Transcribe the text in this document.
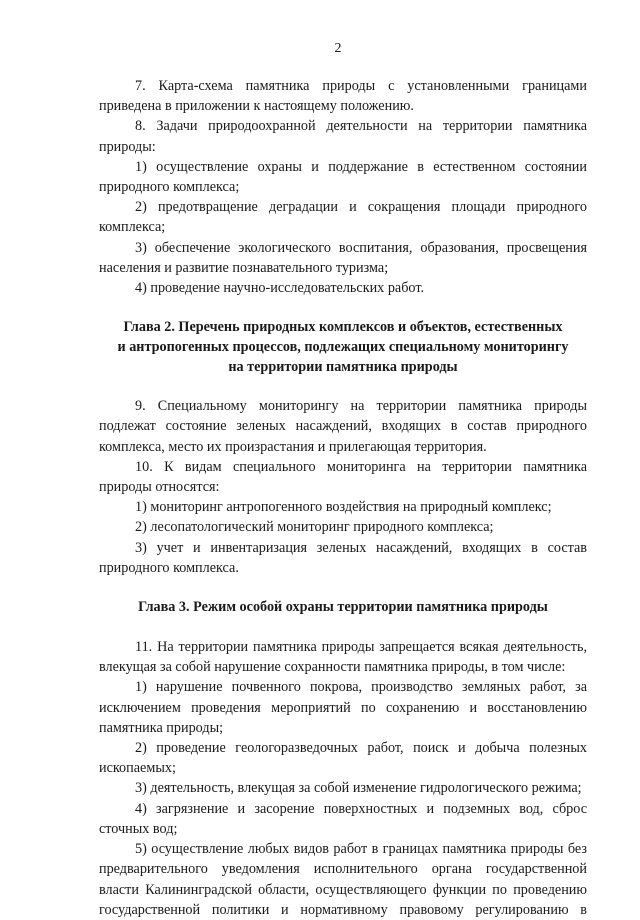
2

7. Карта-схема памятника природы с установленными границами приведена в приложении к настоящему положению.

8. Задачи природоохранной деятельности на территории памятника природы:

1) осуществление охраны и поддержание в естественном состоянии природного комплекса;

2) предотвращение деградации и сокращения площади природного комплекса;

3) обеспечение экологического воспитания, образования, просвещения населения и развитие познавательного туризма;

4) проведение научно-исследовательских работ.

Глава 2. Перечень природных комплексов и объектов, естественных
и антропогенных процессов, подлежащих специальному мониторингу
на территории памятника природы

9. Специальному мониторингу на территории памятника природы подлежат состояние зеленых насаждений, входящих в состав природного комплекса, место их произрастания и прилегающая территория.

10. К видам специального мониторинга на территории памятника природы относятся:

1) мониторинг антропогенного воздействия на природный комплекс;

2) лесопатологический мониторинг природного комплекса;

3) учет и инвентаризация зеленых насаждений, входящих в состав природного комплекса.

Глава 3. Режим особой охраны территории памятника природы

11. На территории памятника природы запрещается всякая деятельность, влекущая за собой нарушение сохранности памятника природы, в том числе:

1) нарушение почвенного покрова, производство земляных работ, за исключением проведения мероприятий по сохранению и восстановлению памятника природы;

2) проведение геологоразведочных работ, поиск и добыча полезных ископаемых;

3) деятельность, влекущая за собой изменение гидрологического режима;

4) загрязнение и засорение поверхностных и подземных вод, сброс сточных вод;

5) осуществление любых видов работ в границах памятника природы без предварительного уведомления исполнительного органа государственной власти Калининградской области, осуществляющего функции по проведению государственной политики и нормативному правовому регулированию в
